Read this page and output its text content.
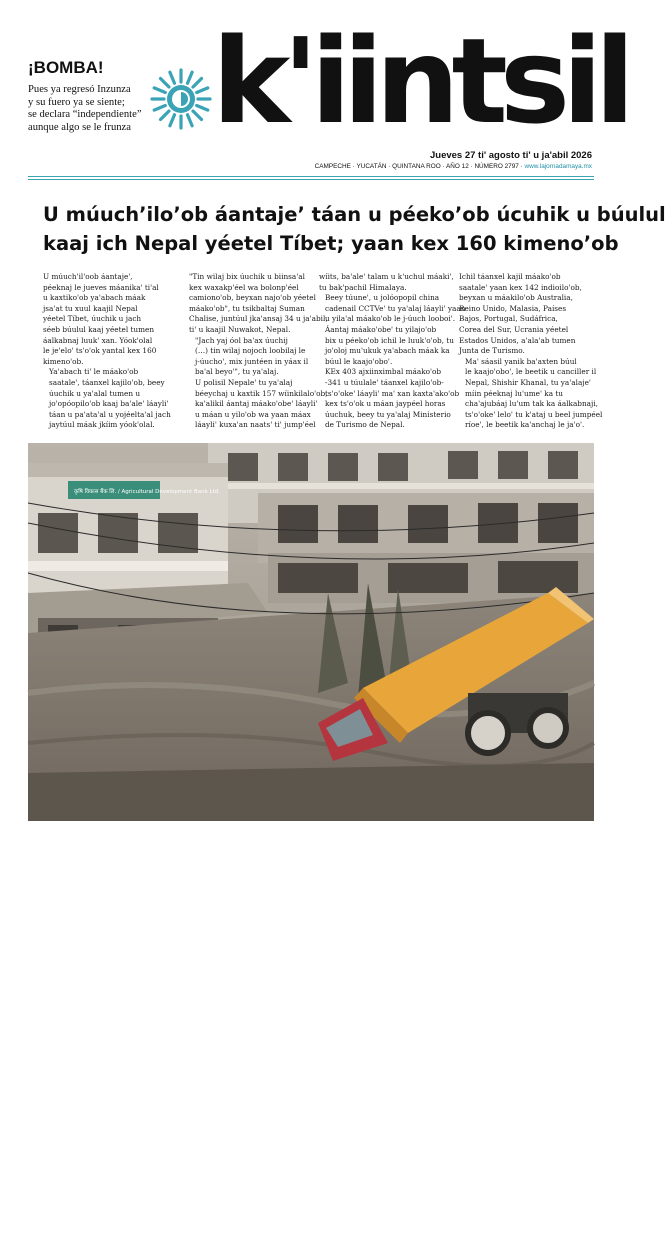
¡BOMBA!
Pues ya regresó Inzunza
y su fuero ya se siente;
se declara “independiente”
aunque algo se le frunza k'iintsil
Jueves 27 ti' agosto ti' u ja'abil 2026
CAMPECHE · YUCATÁN · QUINTANA ROO · AÑO 12 · NÚMERO 2797 · www.lajornadamaya.mx
U múuch’ilo’ob áantaje’ táan u péeko’ob úcuhik u búulul
kaaj ich Nepal yéetel Tíbet; yaan kex 160 kimeno’ob

U múuch'il'oob áantaje',
péeknaj le jueves máanika' ti'al
u kaxtiko'ob ya'abach máak
jsa'at tu xuul kaajil Nepal
yéetel Tíbet, úuchik u jach
séeb búulul kaaj yéetel tumen
áalkabnaj luuk' xan. Yóok'olal
le je'elo' ts'o'ok yantal kex 160
kimeno'ob.

Ya'abach ti' le máako'ob
saatale', táanxel kajilo'ob, beey
úuchik u ya'alal tumen u
jo'opóopilo'ob kaaj ba'ale' láayli'
táan u pa'ata'al u yojéelta'al jach
jaytúul máak jkíim yóok'olal.

"Tin wilaj bix úuchik u biinsa'al
kex waxakp'éel wa bolonp'éel
camiono'ob, beyxan najo'ob yéetel
máako'ob", tu tsikbaltaj Suman
Chalise, juntúul jka'ansaj 34 u ja'abil,
ti' u kaajil Nuwakot, Nepal.

"Jach yaj óol ba'ax úuchij
(…) tin wilaj nojoch loobilaj le
j-úucho', mix juntéen in yáax il
ba'al beyo'", tu ya'alaj.

U polisil Nepale' tu ya'alaj
béeychaj u kaxtik 157 wíinkilalo'ob,
ka'alikil áantaj máako'obe' láayli'
u máan u yilo'ob wa yaan máax
láayli' kuxa'an naats' ti' jump'éel

wíits, ba'ale' talam u k'uchul máaki',
tu bak'pachil Himalaya.

Beey túune', u jolóopopil china
cadenail CCTVe' tu ya'alaj láayli' yaan
u yila'al máako'ob le j-úuch looboi'.

Áantaj máako'obe' tu yilajo'ob
bix u péeko'ob ichil le luuk'o'ob, tu
jo'oloj mu'ukuk ya'abach máak ka
búul le kaajo'obo'.

KEx 403 ajxiinximbal máako'ob
-341 u túulale' táanxel kajilo'ob-
ts'o'oke' láayli' ma' xan kaxta'ako'ob
kex ts'o'ok u máan jaypéel horas
úuchuk, beey tu ya'alaj Ministerio
de Turismo de Nepal.

Ichil táanxel kajil máako'ob
saatale' yaan kex 142 indioilo'ob,
beyxan u máakilo'ob Australia,
Reino Unido, Malasia, Países
Bajos, Portugal, Sudáfrica,
Corea del Sur, Ucrania yéetel
Estados Unidos, a'ala'ab tumen
Junta de Turismo.

Ma' sáasil yanik ba'axten búul
le kaajo'obo', le beetik u canciller il
Nepal, Shishir Khanal, tu ya'alaje'
míin péeknaj lu'ume' ka tu
cha'ajubáaj lu'um tak ka áalkabnaji,
ts'o'oke' lelo' tu k'ataj u beel jumpéel
ríoe', le beetik ka'anchaj le ja'o'.

कृषि विकास बैंक लि. / Agricultural Development Bank Ltd.
AFP / P 26
Oochel Ap
